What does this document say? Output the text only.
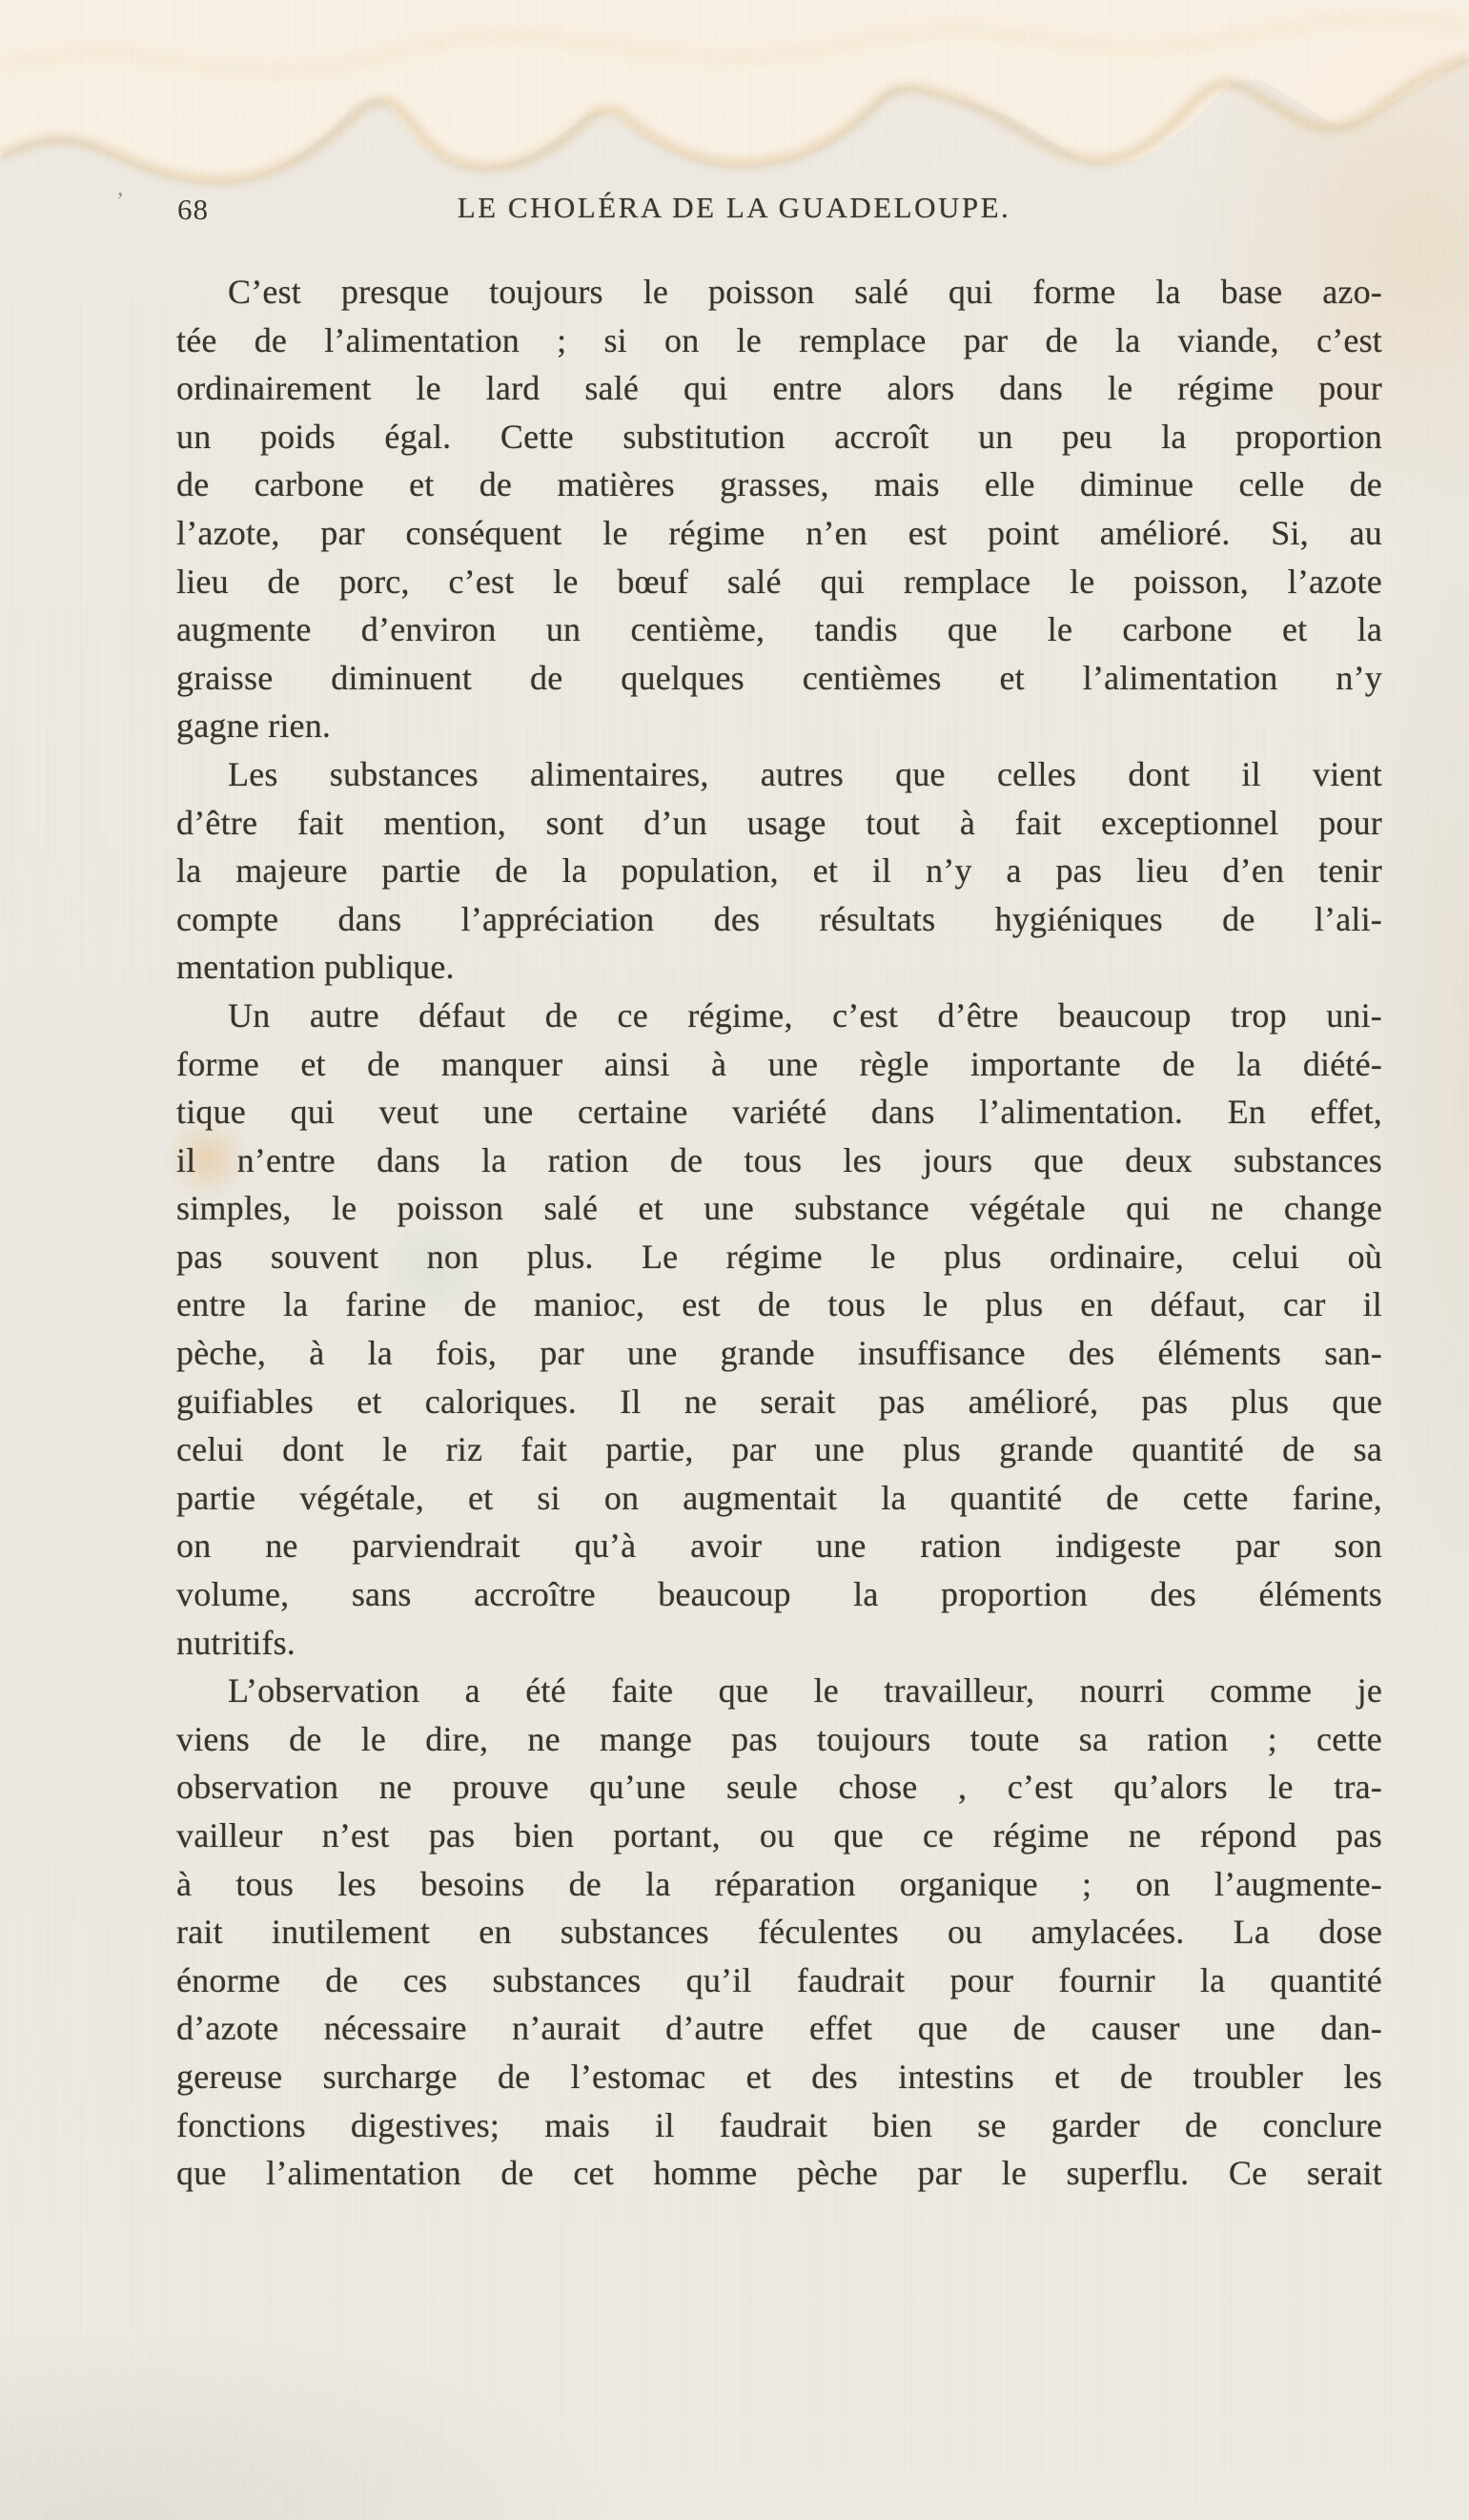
’ 68	LE CHOLÉRA DE LA GUADELOUPE.
C’est presque toujours le poisson salé qui forme la base azo-
tée de l’alimentation ; si on le remplace par de la viande, c’est
ordinairement le lard salé qui entre alors dans le régime pour
un poids égal. Cette substitution accroît un peu la proportion
de carbone et de matières grasses, mais elle diminue celle de
l’azote, par conséquent le régime n’en est point amélioré. Si, au
lieu de porc, c’est le bœuf salé qui remplace le poisson, l’azote
augmente d’environ un centième, tandis que le carbone et la
graisse diminuent de quelques centièmes et l’alimentation n’y
gagne rien.
Les substances alimentaires, autres que celles dont il vient
d’être fait mention, sont d’un usage tout à fait exceptionnel pour
la majeure partie de la population, et il n’y a pas lieu d’en tenir
compte dans l’appréciation des résultats hygiéniques de l’ali-
mentation publique.
Un autre défaut de ce régime, c’est d’être beaucoup trop uni-
forme et de manquer ainsi à une règle importante de la diété-
tique qui veut une certaine variété dans l’alimentation. En effet,
il n’entre dans la ration de tous les jours que deux substances
simples, le poisson salé et une substance végétale qui ne change
pas souvent non plus. Le régime le plus ordinaire, celui où
entre la farine de manioc, est de tous le plus en défaut, car il
pèche, à la fois, par une grande insuffisance des éléments san-
guifiables et caloriques. Il ne serait pas amélioré, pas plus que
celui dont le riz fait partie, par une plus grande quantité de sa
partie végétale, et si on augmentait la quantité de cette farine,
on ne parviendrait qu’à avoir une ration indigeste par son
volume, sans accroître beaucoup la proportion des éléments
nutritifs.
L’observation a été faite que le travailleur, nourri comme je
viens de le dire, ne mange pas toujours toute sa ration ; cette
observation ne prouve qu’une seule chose , c’est qu’alors le tra-
vailleur n’est pas bien portant, ou que ce régime ne répond pas
à tous les besoins de la réparation organique ; on l’augmente-
rait inutilement en substances féculentes ou amylacées. La dose
énorme de ces substances qu’il faudrait pour fournir la quantité
d’azote nécessaire n’aurait d’autre effet que de causer une dan-
gereuse surcharge de l’estomac et des intestins et de troubler les
fonctions digestives; mais il faudrait bien se garder de conclure
que l’alimentation de cet homme pèche par le superflu. Ce serait
